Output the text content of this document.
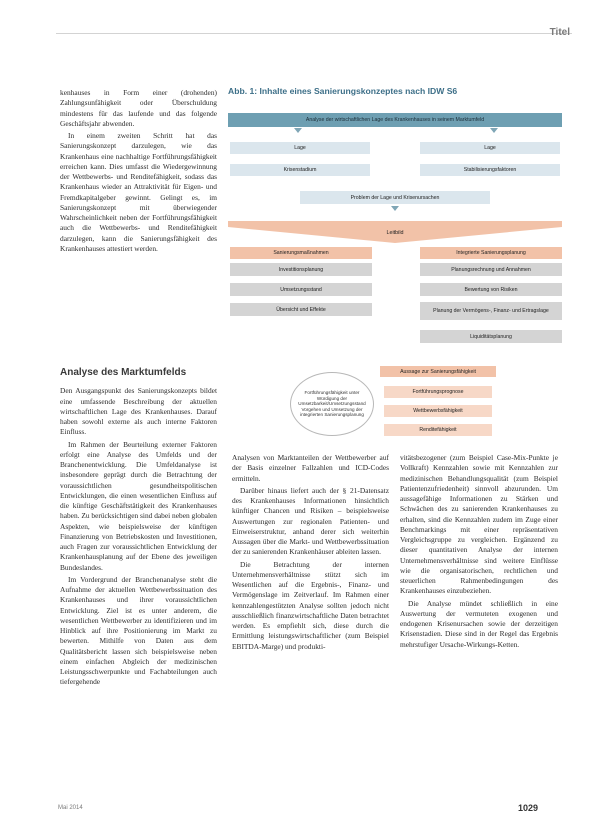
Titel

kenhauses in Form einer (drohenden) Zahlungsunfähigkeit oder Überschuldung mindestens für das laufende und das folgende Geschäftsjahr abwenden.

In einem zweiten Schritt hat das Sanierungskonzept darzulegen, wie das Krankenhaus eine nachhaltige Fortführungsfähigkeit erreichen kann. Dies umfasst die Wiedergewinnung der Wettbewerbs- und Renditefähigkeit, sodass das Krankenhaus wieder an Attraktivität für Eigen- und Fremdkapitalgeber gewinnt. Gelingt es, im Sanierungskonzept mit überwiegender Wahrscheinlichkeit neben der Fortführungsfähigkeit auch die Wettbewerbs- und Renditefähigkeit darzulegen, kann die Sanierungsfähigkeit des Krankenhauses attestiert werden.

Analyse des Marktumfelds

Den Ausgangspunkt des Sanierungskonzepts bildet eine umfassende Beschreibung der aktuellen wirtschaftlichen Lage des Krankenhauses. Darauf haben sowohl externe als auch interne Faktoren Einfluss.

Im Rahmen der Beurteilung externer Faktoren erfolgt eine Analyse des Umfelds und der Branchenentwicklung. Die Umfeldanalyse ist insbesondere geprägt durch die Betrachtung der voraussichtlichen gesundheitspolitischen Entwicklungen, die einen wesentlichen Einfluss auf die künftige Geschäftstätigkeit des Krankenhauses haben. Zu berücksichtigen sind dabei neben globalen Aspekten, wie beispielsweise der künftigen Finanzierung von Betriebskosten und Investitionen, auch Fragen zur voraussichtlichen Entwicklung der Krankenhausplanung auf der Ebene des jeweiligen Bundeslandes.

Im Vordergrund der Branchenanalyse steht die Aufnahme der aktuellen Wettbewerbssituation des Krankenhauses und ihrer voraussichtlichen Entwicklung. Ziel ist es unter anderem, die wesentlichen Wettbewerber zu identifizieren und im Hinblick auf ihre Positionierung im Markt zu bewerten. Mithilfe von Daten aus dem Qualitätsbericht lassen sich beispielsweise neben einem einfachen Abgleich der medizinischen Leistungsschwerpunkte und Fachabteilungen auch tiefergehende

Analysen von Marktanteilen der Wettbewerber auf der Basis einzelner Fallzahlen und ICD-Codes ermitteln.

Darüber hinaus liefert auch der § 21-Datensatz des Krankenhauses Informationen hinsichtlich künftiger Chancen und Risiken – beispielsweise Auswertungen zur regionalen Patienten- und Einweiserstruktur, anhand derer sich weiterhin Aussagen über die Markt- und Wettbewerbssituation der zu sanierenden Krankenhäuser ableiten lassen.

Die Betrachtung der internen Unternehmensverhältnisse stützt sich im Wesentlichen auf die Ergebnis-, Finanz- und Vermögenslage im Zeitverlauf. Im Rahmen einer kennzahlengestützten Analyse sollten jedoch nicht ausschließlich finanzwirtschaftliche Daten betrachtet werden. Es empfiehlt sich, diese durch die Ermittlung leistungswirtschaftlicher (zum Beispiel EBITDA-Marge) und produkti-

vitätsbezogener (zum Beispiel Case-Mix-Punkte je Vollkraft) Kennzahlen sowie mit Kennzahlen zur medizinischen Behandlungsqualität (zum Beispiel Patientenzufriedenheit) sinnvoll abzurunden. Um aussagefähige Informationen zu Stärken und Schwächen des zu sanierenden Krankenhauses zu erhalten, sind die Kennzahlen zudem im Zuge einer Benchmarkings mit einer repräsentativen Vergleichsgruppe zu vergleichen. Ergänzend zu dieser quantitativen Analyse der internen Unternehmensverhältnisse sind weitere Einflüsse wie die organisatorischen, rechtlichen und steuerlichen Rahmenbedingungen des Krankenhauses einzubeziehen.

Die Analyse mündet schließlich in eine Auswertung der vermuteten exogenen und endogenen Krisenursachen sowie der derzeitigen Krisenstadien. Diese sind in der Regel das Ergebnis mehrstufiger Ursache-Wirkungs-Ketten.

Abb. 1: Inhalte eines Sanierungskonzeptes nach IDW S6
Analyse der wirtschaftlichen Lage des Krankenhauses in seinem Marktumfeld
Lage	Lage
Krisenstadium	Stabilisierungsfaktoren
Problem der Lage und Krisenursachen
Leitbild
Sanierungsmaßnahmen
Investitionsplanung
Umsetzungsstand
Übersicht und Effekte
Integrierte Sanierungsplanung
Planungsrechnung und Annahmen
Bewertung von Risiken
Planung der Vermögens-, Finanz- und Ertragslage
Liquiditätsplanung
Fortführungsfähigkeit unter Würdigung der Umsetzbarkeit/Umsetzungsstand Vorgehen und Umsetzung der integrierten Sanierungsplanung
Aussage zur Sanierungsfähigkeit
Fortführungsprognose
Wettbewerbsfähigkeit
Renditefähigkeit
Mai 2014	1029
